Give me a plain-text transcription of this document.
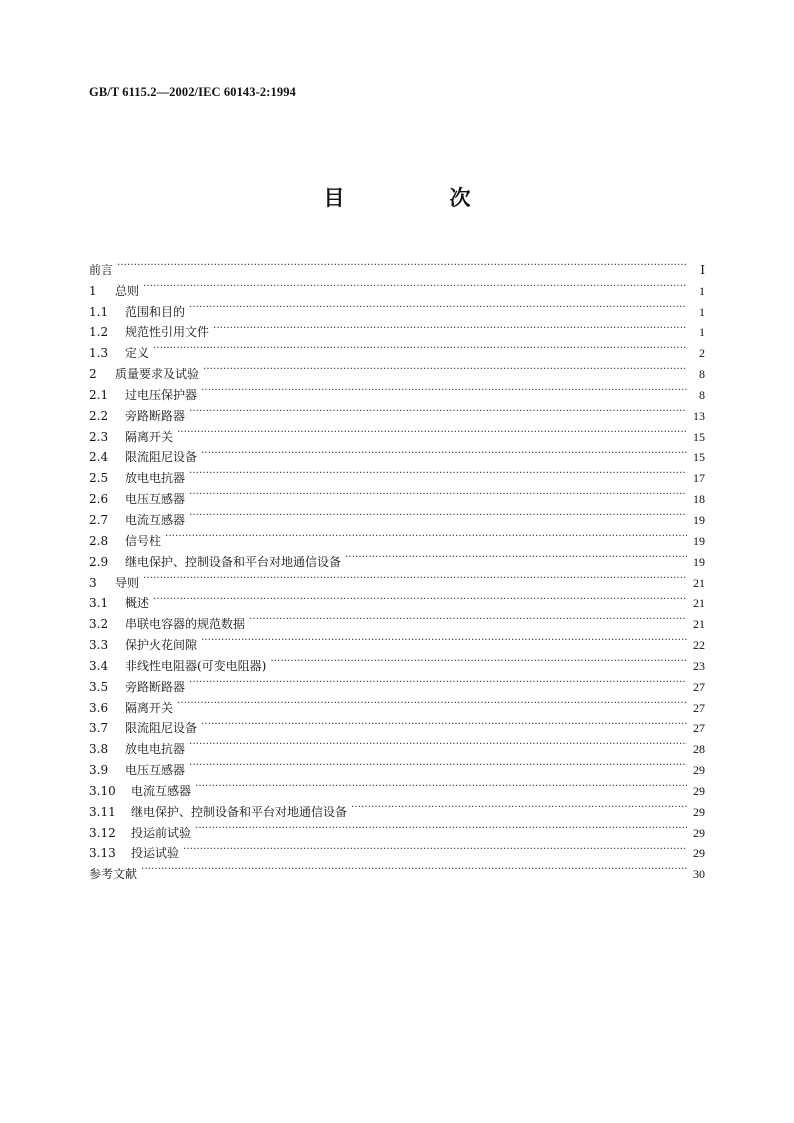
GB/T 6115.2—2002/IEC 60143-2:1994
目　次
前言 …………………………………………………………………………………………………………………………………………………………………………………………………	Ⅰ
1	总则 …………………………………………………………………………………………………………………………………………………………………………………………………	1
1.1	范围和目的 …………………………………………………………………………………………………………………………………………………………………………………………………	1
1.2	规范性引用文件 …………………………………………………………………………………………………………………………………………………………………………………………………	1
1.3	定义 …………………………………………………………………………………………………………………………………………………………………………………………………	2
2	质量要求及试验 …………………………………………………………………………………………………………………………………………………………………………………………………	8
2.1	过电压保护器 …………………………………………………………………………………………………………………………………………………………………………………………………	8
2.2	旁路断路器 …………………………………………………………………………………………………………………………………………………………………………………………………	13
2.3	隔离开关 …………………………………………………………………………………………………………………………………………………………………………………………………	15
2.4	限流阻尼设备 …………………………………………………………………………………………………………………………………………………………………………………………………	15
2.5	放电电抗器 …………………………………………………………………………………………………………………………………………………………………………………………………	17
2.6	电压互感器 …………………………………………………………………………………………………………………………………………………………………………………………………	18
2.7	电流互感器 …………………………………………………………………………………………………………………………………………………………………………………………………	19
2.8	信号柱 …………………………………………………………………………………………………………………………………………………………………………………………………	19
2.9	继电保护、控制设备和平台对地通信设备 …………………………………………………………………………………………………………………………………………………………………………………………………	19
3	导则 …………………………………………………………………………………………………………………………………………………………………………………………………	21
3.1	概述 …………………………………………………………………………………………………………………………………………………………………………………………………	21
3.2	串联电容器的规范数据 …………………………………………………………………………………………………………………………………………………………………………………………………	21
3.3	保护火花间隙 …………………………………………………………………………………………………………………………………………………………………………………………………	22
3.4	非线性电阻器(可变电阻器) …………………………………………………………………………………………………………………………………………………………………………………………………	23
3.5	旁路断路器 …………………………………………………………………………………………………………………………………………………………………………………………………	27
3.6	隔离开关 …………………………………………………………………………………………………………………………………………………………………………………………………	27
3.7	限流阻尼设备 …………………………………………………………………………………………………………………………………………………………………………………………………	27
3.8	放电电抗器 …………………………………………………………………………………………………………………………………………………………………………………………………	28
3.9	电压互感器 …………………………………………………………………………………………………………………………………………………………………………………………………	29
3.10	电流互感器 …………………………………………………………………………………………………………………………………………………………………………………………………	29
3.11	继电保护、控制设备和平台对地通信设备 …………………………………………………………………………………………………………………………………………………………………………………………………	29
3.12	投运前试验 …………………………………………………………………………………………………………………………………………………………………………………………………	29
3.13	投运试验 …………………………………………………………………………………………………………………………………………………………………………………………………	29
参考文献 …………………………………………………………………………………………………………………………………………………………………………………………………	30
